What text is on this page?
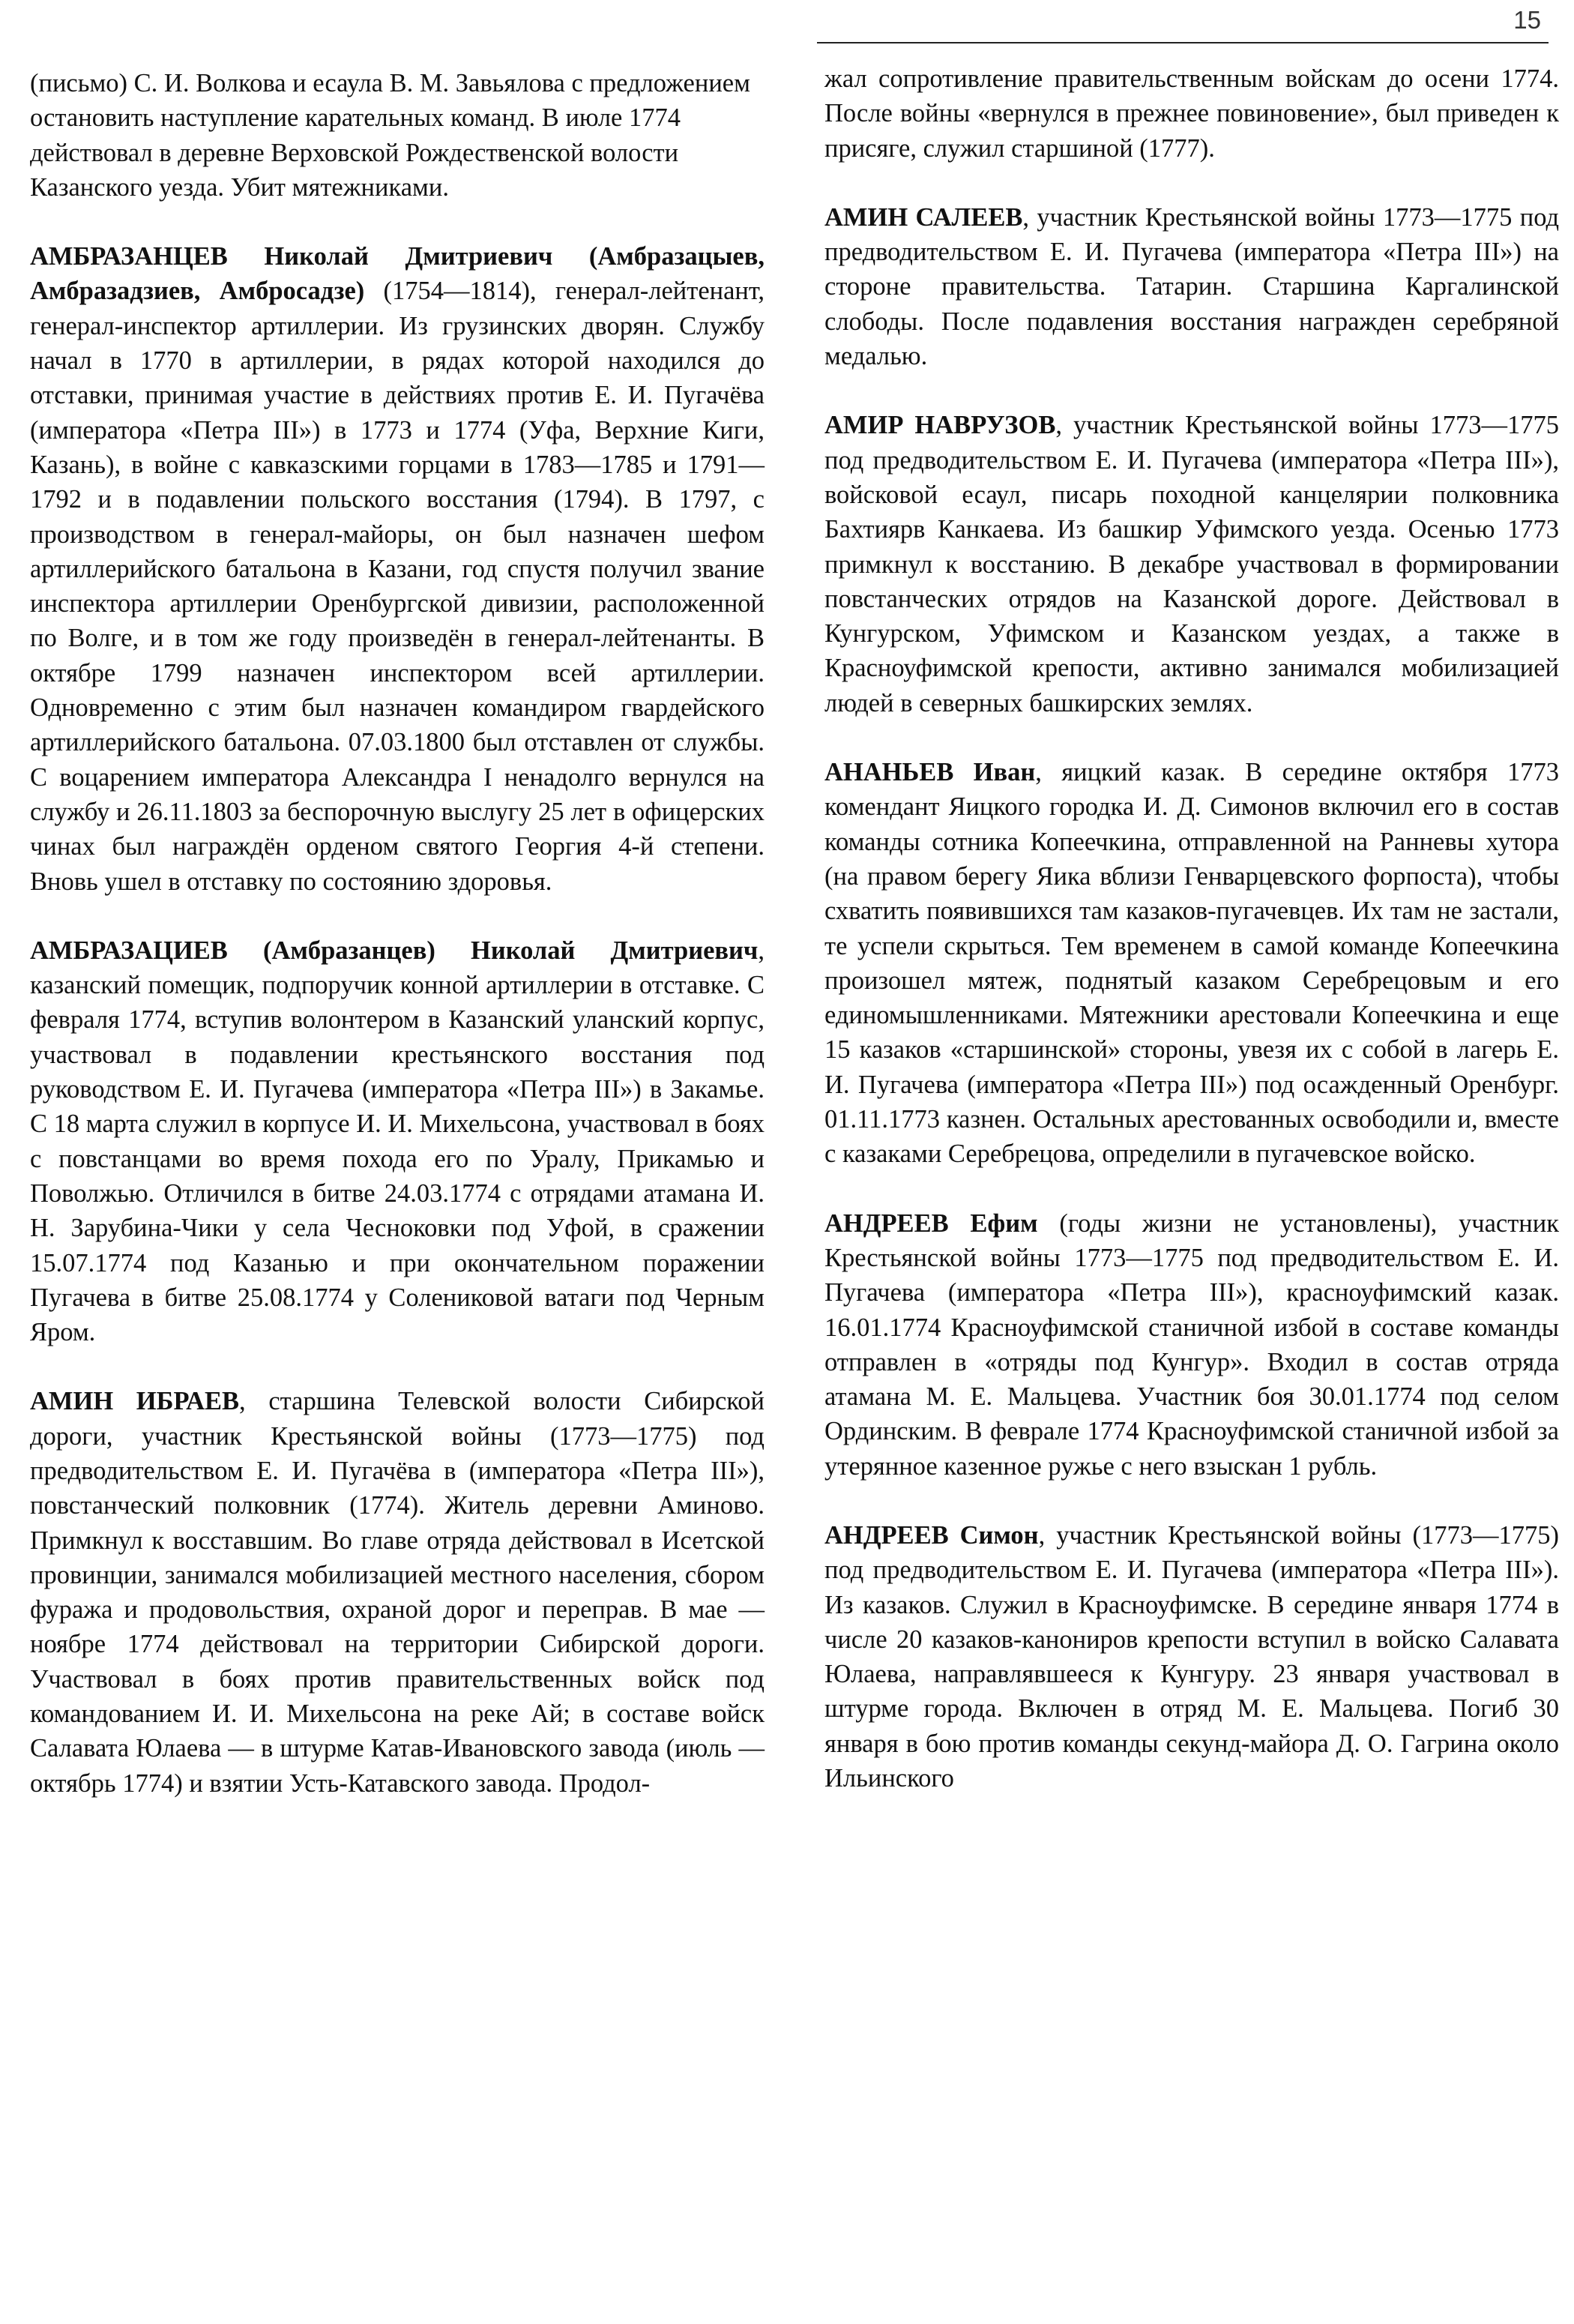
15

(письмо) С. И. Волкова и есаула В. М. Завьялова с предложением остановить наступление карательных команд. В июле 1774 действовал в деревне Верховской Рождественской волости Казанского уезда. Убит мятежниками.

АМБРАЗАНЦЕВ Николай Дмитриевич (Амбразацыев, Амбразадзиев, Амбросадзе) (1754—1814), генерал-лейтенант, генерал-инспектор артиллерии. Из грузинских дворян. Службу начал в 1770 в артиллерии, в рядах которой находился до отставки, принимая участие в действиях против Е. И. Пугачёва (императора «Петра III») в 1773 и 1774 (Уфа, Верхние Киги, Казань), в войне с кавказскими горцами в 1783—1785 и 1791—1792 и в подавлении польского восстания (1794). В 1797, с производством в генерал-майоры, он был назначен шефом артиллерийского батальона в Казани, год спустя получил звание инспектора артиллерии Оренбургской дивизии, расположенной по Волге, и в том же году произведён в генерал-лейтенанты. В октябре 1799 назначен инспектором всей артиллерии. Одновременно с этим был назначен командиром гвардейского артиллерийского батальона. 07.03.1800 был отставлен от службы. С воцарением императора Александра I ненадолго вернулся на службу и 26.11.1803 за беспорочную выслугу 25 лет в офицерских чинах был награждён орденом святого Георгия 4-й степени. Вновь ушел в отставку по состоянию здоровья.

АМБРАЗАЦИЕВ (Амбразанцев) Николай Дмитриевич, казанский помещик, подпоручик конной артиллерии в отставке. С февраля 1774, вступив волонтером в Казанский уланский корпус, участвовал в подавлении крестьянского восстания под руководством Е. И. Пугачева (императора «Петра III») в Закамье. С 18 марта служил в корпусе И. И. Михельсона, участвовал в боях с повстанцами во время похода его по Уралу, Прикамью и Поволжью. Отличился в битве 24.03.1774 с отрядами атамана И. Н. Зарубина-Чики у села Чесноковки под Уфой, в сражении 15.07.1774 под Казанью и при окончательном поражении Пугачева в битве 25.08.1774 у Солениковой ватаги под Черным Яром.

АМИН ИБРАЕВ, старшина Телевской волости Сибирской дороги, участник Крестьянской войны (1773—1775) под предводительством Е. И. Пугачёва в (императора «Петра III»), повстанческий полковник (1774). Житель деревни Аминово. Примкнул к восставшим. Во главе отряда действовал в Исетской провинции, занимался мобилизацией местного населения, сбором фуража и продовольствия, охраной дорог и переправ. В мае — ноябре 1774 действовал на территории Сибирской дороги. Участвовал в боях против правительственных войск под командованием И. И. Михельсона на реке Ай; в составе войск Салавата Юлаева — в штурме Катав-Ивановского завода (июль — октябрь 1774) и взятии Усть-Катавского завода. Продол-

жал сопротивление правительственным войскам до осени 1774. После войны «вернулся в прежнее повиновение», был приведен к присяге, служил старшиной (1777).

АМИН САЛЕЕВ, участник Крестьянской войны 1773—1775 под предводительством Е. И. Пугачева (императора «Петра III») на стороне правительства. Татарин. Старшина Каргалинской слободы. После подавления восстания награжден серебряной медалью.

АМИР НАВРУЗОВ, участник Крестьянской войны 1773—1775 под предводительством Е. И. Пугачева (императора «Петра III»), войсковой есаул, писарь походной канцелярии полковника Бахтиярв Канкаева. Из башкир Уфимского уезда. Осенью 1773 примкнул к восстанию. В декабре участвовал в формировании повстанческих отрядов на Казанской дороге. Действовал в Кунгурском, Уфимском и Казанском уездах, а также в Красноуфимской крепости, активно занимался мобилизацией людей в северных башкирских землях.

АНАНЬЕВ Иван, яицкий казак. В середине октября 1773 комендант Яицкого городка И. Д. Симонов включил его в состав команды сотника Копеечкина, отправленной на Ранневы хутора (на правом берегу Яика вблизи Генварцевского форпоста), чтобы схватить появившихся там казаков-пугачевцев. Их там не застали, те успели скрыться. Тем временем в самой команде Копеечкина произошел мятеж, поднятый казаком Серебрецовым и его единомышленниками. Мятежники арестовали Копеечкина и еще 15 казаков «старшинской» стороны, увезя их с собой в лагерь Е. И. Пугачева (императора «Петра III») под осажденный Оренбург. 01.11.1773 казнен. Остальных арестованных освободили и, вместе с казаками Серебрецова, определили в пугачевское войско.

АНДРЕЕВ Ефим (годы жизни не установлены), участник Крестьянской войны 1773—1775 под предводительством Е. И. Пугачева (императора «Петра III»), красноуфимский казак. 16.01.1774 Красноуфимской станичной избой в составе команды отправлен в «отряды под Кунгур». Входил в состав отряда атамана М. Е. Мальцева. Участник боя 30.01.1774 под селом Ординским. В феврале 1774 Красноуфимской станичной избой за утерянное казенное ружье с него взыскан 1 рубль.

АНДРЕЕВ Симон, участник Крестьянской войны (1773—1775) под предводительством Е. И. Пугачева (императора «Петра III»). Из казаков. Служил в Красноуфимске. В середине января 1774 в числе 20 казаков-канониров крепости вступил в войско Салавата Юлаева, направлявшееся к Кунгуру. 23 января участвовал в штурме города. Включен в отряд М. Е. Мальцева. Погиб 30 января в бою против команды секунд-майора Д. О. Гагрина около Ильинского
